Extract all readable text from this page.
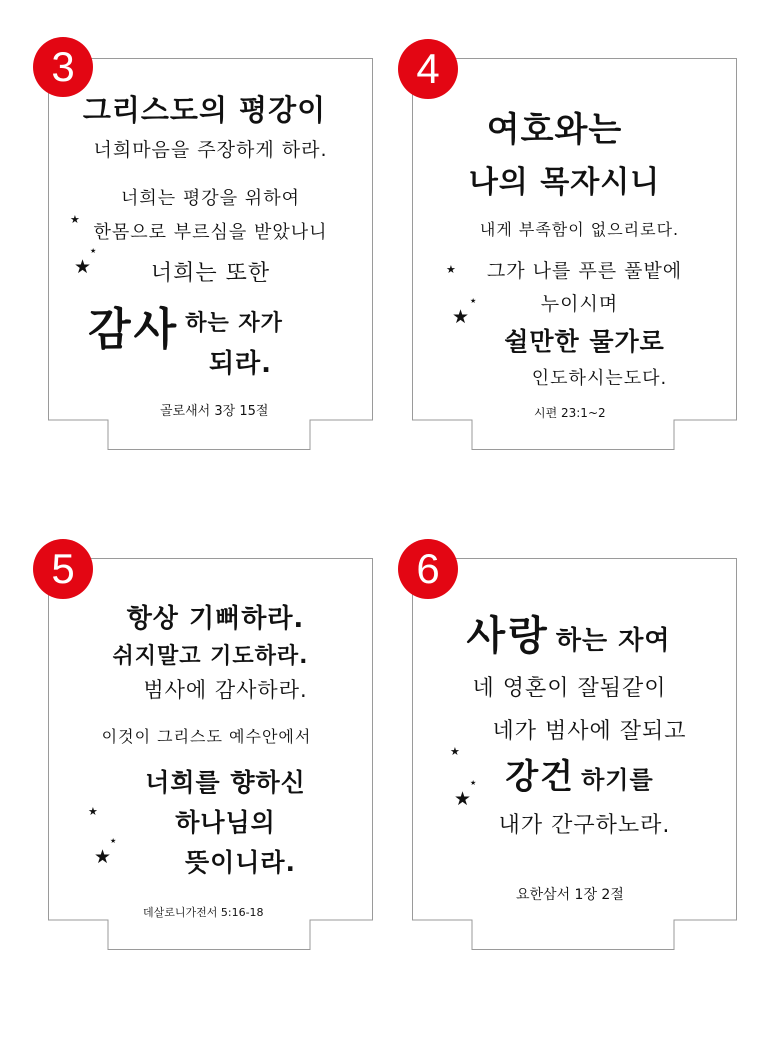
그리스도의 평강이
너희마음을 주장하게 하라.
너희는 평강을 위하여
한몸으로 부르심을 받았나니
너희는 또한
감사 하는 자가
되라.
★
★
★
골로새서 3장 15절
3
여호와는
나의 목자시니
내게 부족함이 없으리로다.
그가 나를 푸른 풀밭에
누이시며
쉴만한 물가로
인도하시는도다.
★
★
★
시편 23:1~2
4
항상 기뻐하라.
쉬지말고 기도하라.
범사에 감사하라.
이것이 그리스도 예수안에서
너희를 향하신
하나님의
뜻이니라.
★
★
★
데살로니가전서 5:16-18
5
사랑 하는 자여
네 영혼이 잘됨같이
네가 범사에 잘되고
강건 하기를
내가 간구하노라.
★
★
★
요한삼서 1장 2절
6
